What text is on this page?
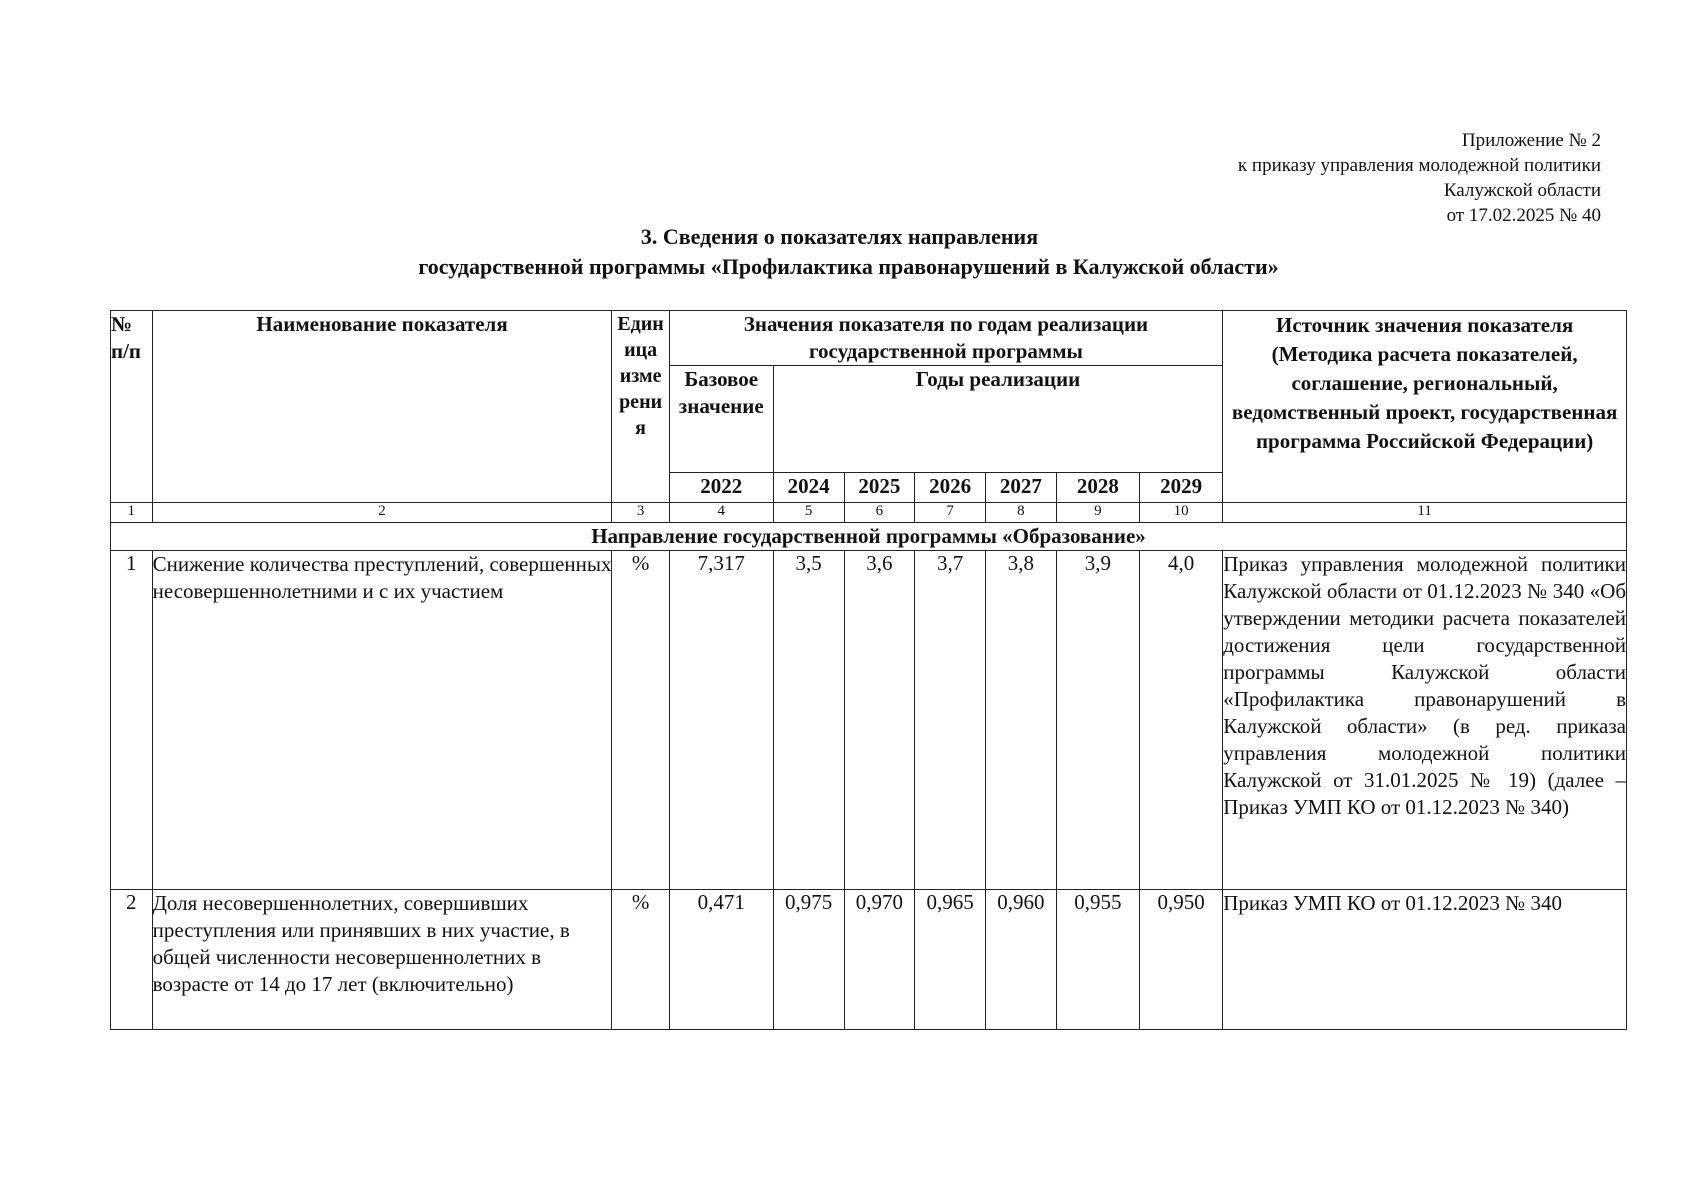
Приложение № 2
к приказу управления молодежной политики
Калужской области
от 17.02.2025 № 40
3. Сведения о показателях направления
государственной программы «Профилактика правонарушений в Калужской области»
№ п/п	Наименование показателя	Един ица изме рени я	Значения показателя по годам реализации государственной программы							Источник значения показателя (Методика расчета показателей, соглашение, региональный, ведомственный проект, государственная программа Российской Федерации)
			Базовое значение	Годы реализации						
			2022	2024	2025	2026	2027	2028	2029	
1	2	3	4	5	6	7	8	9	10	11
Направление государственной программы «Образование»										
1	Снижение количества преступлений, совершенных несовершеннолетними и с их участием	%	7,317	3,5	3,6	3,7	3,8	3,9	4,0	Приказ управления молодежной политики Калужской области от 01.12.2023 № 340 «Об утверждении методики расчета показателей достижения цели государственной программы Калужской области «Профилактика правонарушений в Калужской области» (в ред. приказа управления молодежной политики Калужской от 31.01.2025 № 19) (далее – Приказ УМП КО от 01.12.2023 № 340)
2	Доля несовершеннолетних, совершивших преступления или принявших в них участие, в общей численности несовершеннолетних в возрасте от 14 до 17 лет (включительно)	%	0,471	0,975	0,970	0,965	0,960	0,955	0,950	Приказ УМП КО от 01.12.2023 № 340
